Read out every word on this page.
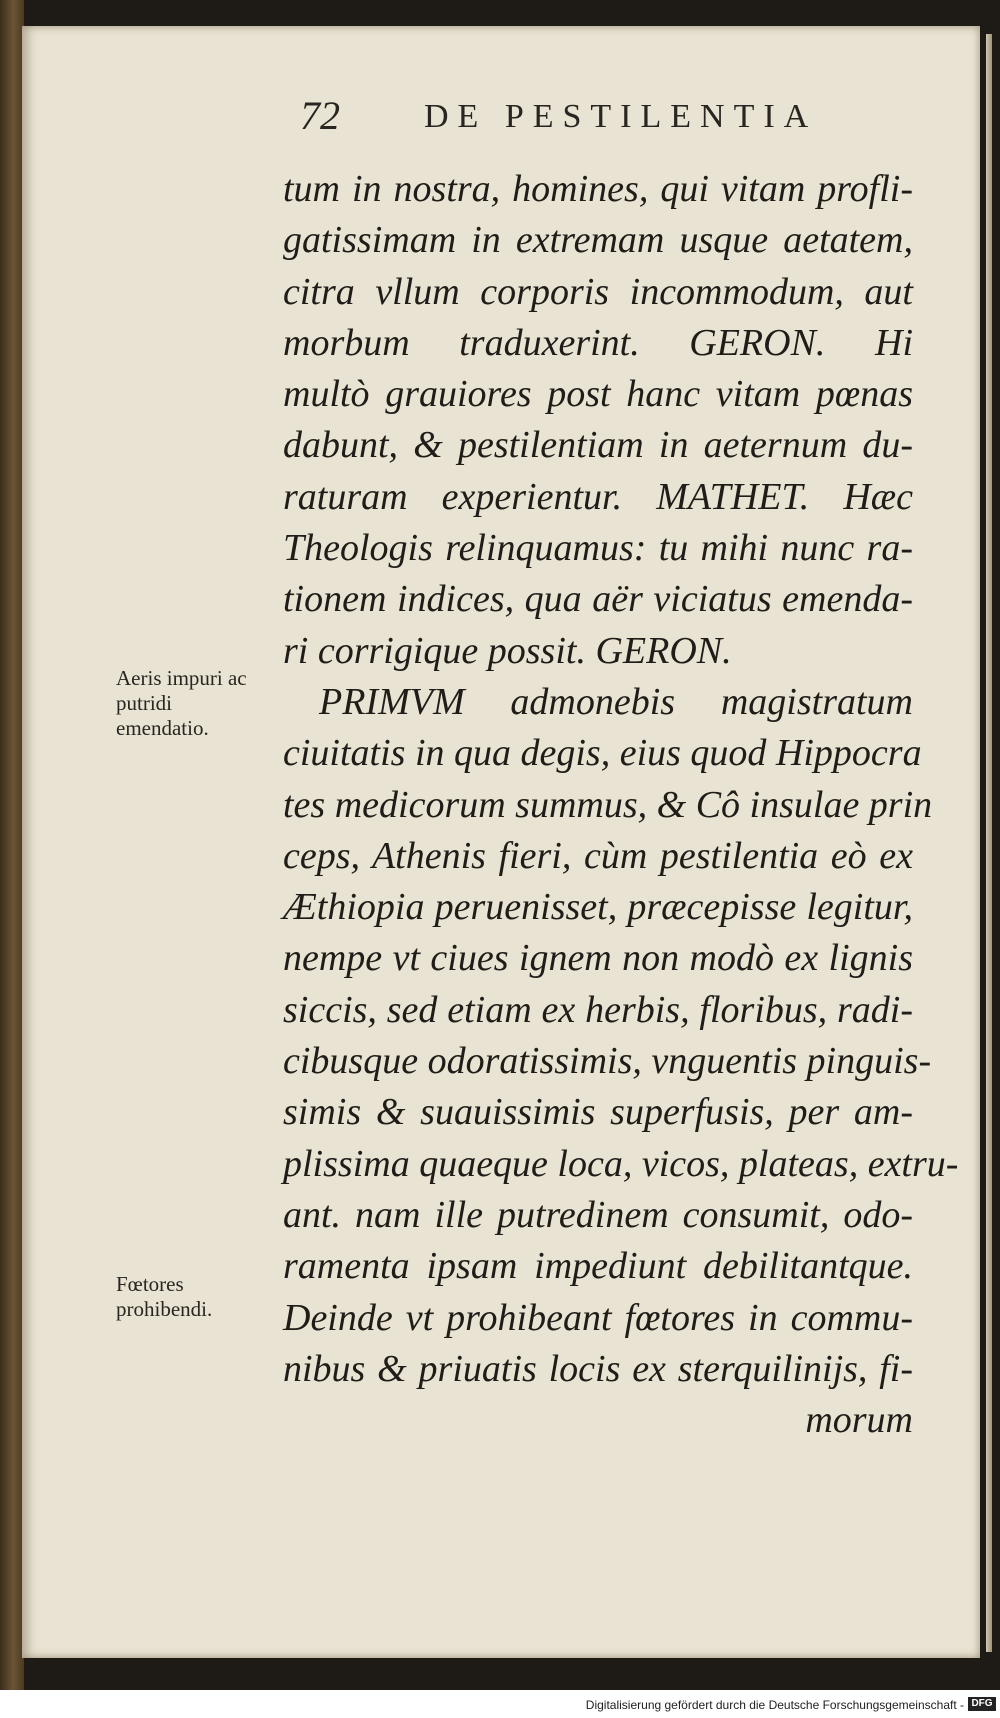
72 DE PESTILENTIA
tum in nostra, homines, qui vitam profli-
gatissimam in extremam usque aetatem,
citra vllum corporis incommodum, aut
morbum traduxerint. GERON. Hi
multò grauiores post hanc vitam pœnas
dabunt, & pestilentiam in aeternum du-
raturam experientur. MATHET. Hæc
Theologis relinquamus: tu mihi nunc ra-
tionem indices, qua aër viciatus emenda-
ri corrigique possit. GERON.
PRIMVM admonebis magistratum
ciuitatis in qua degis, eius quod Hippocra
tes medicorum summus, & Cô insulae prin
ceps, Athenis fieri, cùm pestilentia eò ex
Æthiopia peruenisset, præcepisse legitur,
nempe vt ciues ignem non modò ex lignis
siccis, sed etiam ex herbis, floribus, radi-
cibusque odoratissimis, vnguentis pinguis-
simis & suauissimis superfusis, per am-
plissima quaeque loca, vicos, plateas, extru-
ant. nam ille putredinem consumit, odo-
ramenta ipsam impediunt debilitantque.
Deinde vt prohibeant fœtores in commu-
nibus & priuatis locis ex sterquilinijs, fi-
morum
Aeris impuri ac putridi emendatio.
Fœtores prohibendi.
Digitalisierung gefördert durch die Deutsche Forschungsgemeinschaft - DFG
